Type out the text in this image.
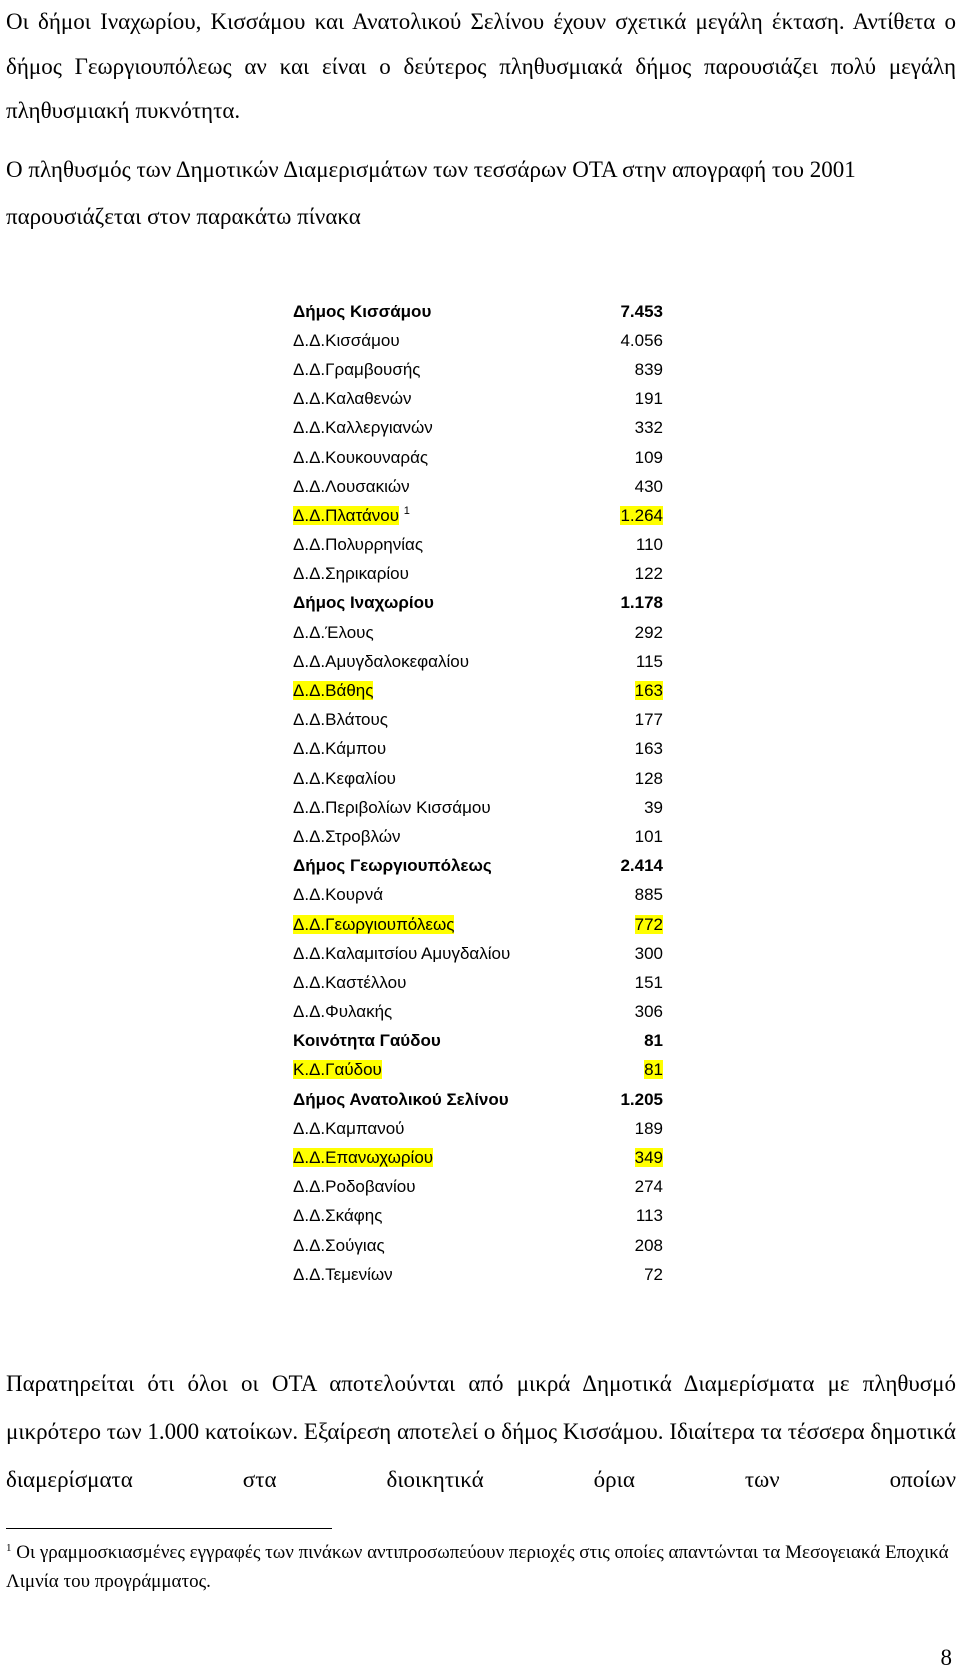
Οι δήμοι Ιναχωρίου, Κισσάμου και Ανατολικού Σελίνου έχουν σχετικά μεγάλη έκταση. Αντίθετα ο δήμος Γεωργιουπόλεως αν και είναι ο δεύτερος πληθυσμιακά δήμος παρουσιάζει πολύ μεγάλη πληθυσμιακή πυκνότητα.

Ο πληθυσμός των Δημοτικών Διαμερισμάτων των τεσσάρων ΟΤΑ στην απογραφή του 2001 παρουσιάζεται στον παρακάτω πίνακα

Δήμος Κισσάμου	7.453
Δ.Δ.Κισσάμου	4.056
Δ.Δ.Γραμβουσής	839
Δ.Δ.Καλαθενών	191
Δ.Δ.Καλλεργιανών	332
Δ.Δ.Κουκουναράς	109
Δ.Δ.Λουσακιών	430
Δ.Δ.Πλατάνου $^1$	1.264
Δ.Δ.Πολυρρηνίας	110
Δ.Δ.Σηρικαρίου	122
Δήμος Ιναχωρίου	1.178
Δ.Δ.Έλους	292
Δ.Δ.Αμυγδαλοκεφαλίου	115
Δ.Δ.Βάθης	163
Δ.Δ.Βλάτους	177
Δ.Δ.Κάμπου	163
Δ.Δ.Κεφαλίου	128
Δ.Δ.Περιβολίων Κισσάμου	39
Δ.Δ.Στροβλών	101
Δήμος Γεωργιουπόλεως	2.414
Δ.Δ.Κουρνά	885
Δ.Δ.Γεωργιουπόλεως	772
Δ.Δ.Καλαμιτσίου Αμυγδαλίου	300
Δ.Δ.Καστέλλου	151
Δ.Δ.Φυλακής	306
Κοινότητα Γαύδου	81
Κ.Δ.Γαύδου	81
Δήμος Ανατολικού Σελίνου	1.205
Δ.Δ.Καμπανού	189
Δ.Δ.Επανωχωρίου	349
Δ.Δ.Ροδοβανίου	274
Δ.Δ.Σκάφης	113
Δ.Δ.Σούγιας	208
Δ.Δ.Τεμενίων	72

Παρατηρείται ότι όλοι οι ΟΤΑ αποτελούνται από μικρά Δημοτικά Διαμερίσματα με πληθυσμό μικρότερο των 1.000 κατοίκων. Εξαίρεση αποτελεί ο δήμος Κισσάμου. Ιδιαίτερα τα τέσσερα δημοτικά διαμερίσματα στα διοικητικά όρια των οποίων

$^1$ Οι γραμμοσκιασμένες εγγραφές των πινάκων αντιπροσωπεύουν περιοχές στις οποίες απαντώνται τα Μεσογειακά Εποχικά Λιμνία του προγράμματος.

8
